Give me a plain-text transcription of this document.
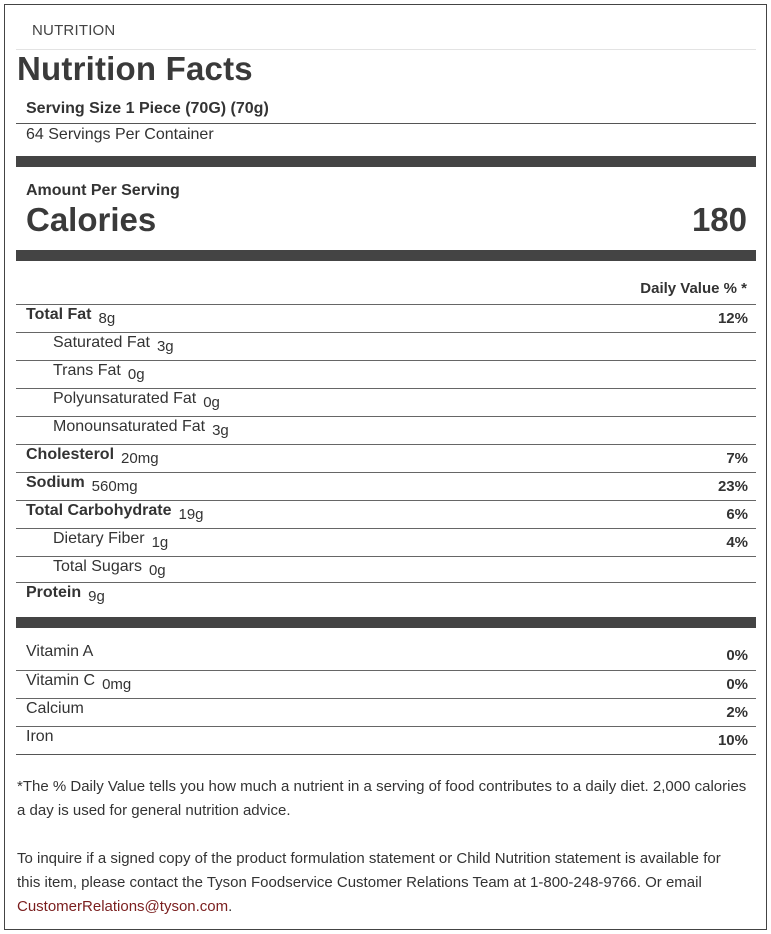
NUTRITION
Nutrition Facts
Serving Size 1 Piece (70G) (70g)
64 Servings Per Container
Amount Per Serving
Calories	180
Daily Value % *
Total Fat 8g	12%
Saturated Fat 3g
Trans Fat 0g
Polyunsaturated Fat 0g
Monounsaturated Fat 3g
Cholesterol 20mg	7%
Sodium 560mg	23%
Total Carbohydrate 19g	6%
Dietary Fiber 1g	4%
Total Sugars 0g
Protein 9g
Vitamin A	0%
Vitamin C 0mg	0%
Calcium	2%
Iron	10%
*The % Daily Value tells you how much a nutrient in a serving of food contributes to a daily diet. 2,000 calories a day is used for general nutrition advice.
To inquire if a signed copy of the product formulation statement or Child Nutrition statement is available for this item, please contact the Tyson Foodservice Customer Relations Team at 1-800-248-9766. Or email CustomerRelations@tyson.com.
